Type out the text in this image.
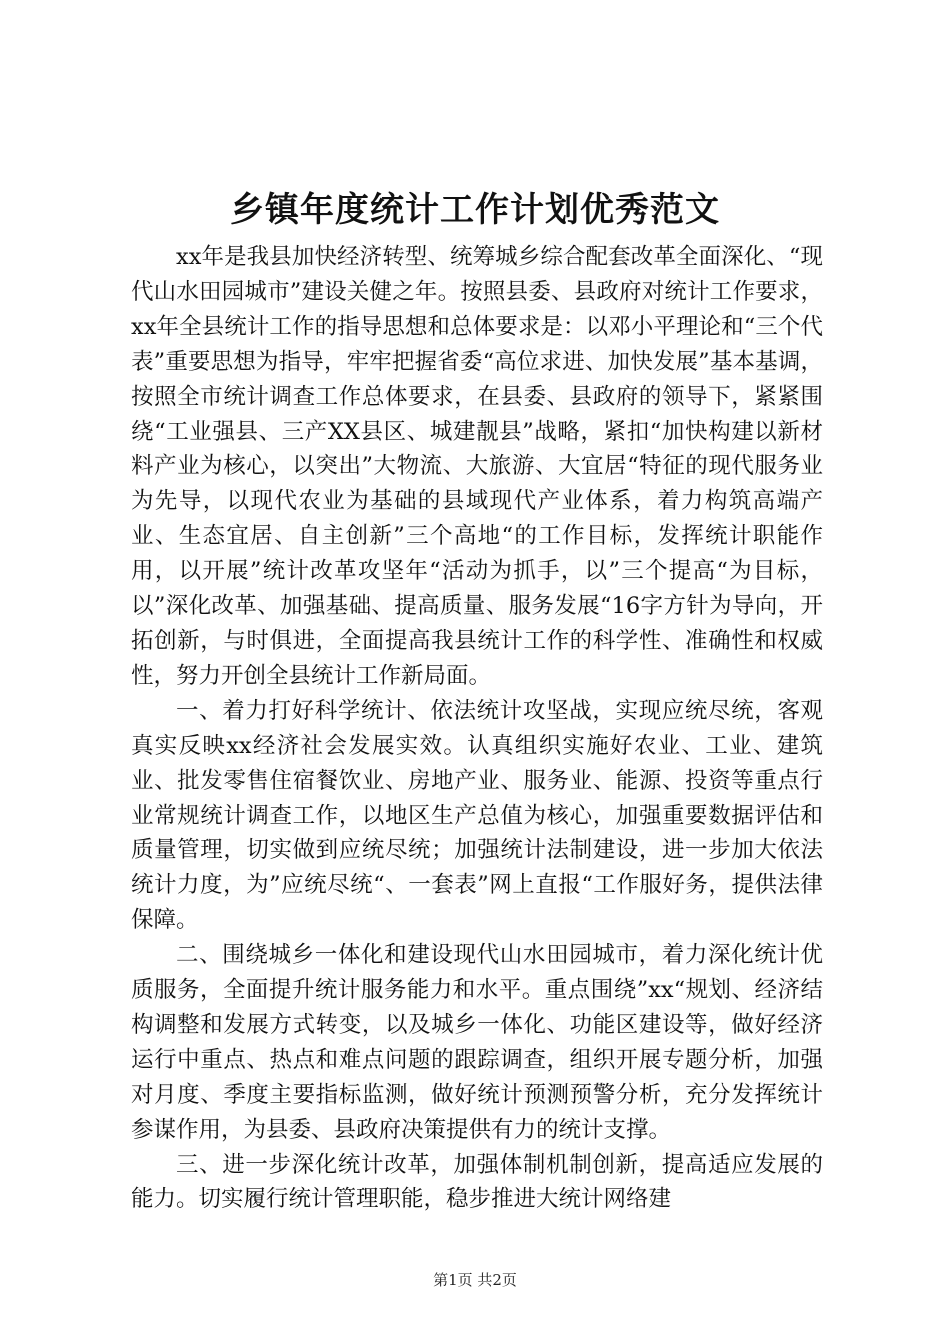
乡镇年度统计工作计划优秀范文

xx年是我县加快经济转型、统筹城乡综合配套改革全面深化、“现代山水田园城市”建设关健之年。按照县委、县政府对统计工作要求，xx年全县统计工作的指导思想和总体要求是：以邓小平理论和“三个代表”重要思想为指导，牢牢把握省委“高位求进、加快发展”基本基调，按照全市统计调查工作总体要求，在县委、县政府的领导下，紧紧围绕“工业强县、三产XX县区、城建靓县”战略，紧扣“加快构建以新材料产业为核心，以突出”大物流、大旅游、大宜居“特征的现代服务业为先导，以现代农业为基础的县域现代产业体系，着力构筑高端产业、生态宜居、自主创新”三个高地“的工作目标，发挥统计职能作用，以开展”统计改革攻坚年“活动为抓手，以”三个提高“为目标，以”深化改革、加强基础、提高质量、服务发展“16字方针为导向，开拓创新，与时俱进，全面提高我县统计工作的科学性、准确性和权威性，努力开创全县统计工作新局面。

一、着力打好科学统计、依法统计攻坚战，实现应统尽统，客观真实反映xx经济社会发展实效。认真组织实施好农业、工业、建筑业、批发零售住宿餐饮业、房地产业、服务业、能源、投资等重点行业常规统计调查工作，以地区生产总值为核心，加强重要数据评估和质量管理，切实做到应统尽统；加强统计法制建设，进一步加大依法统计力度，为”应统尽统“、一套表”网上直报“工作服好务，提供法律保障。

二、围绕城乡一体化和建设现代山水田园城市，着力深化统计优质服务，全面提升统计服务能力和水平。重点围绕”xx“规划、经济结构调整和发展方式转变，以及城乡一体化、功能区建设等，做好经济运行中重点、热点和难点问题的跟踪调查，组织开展专题分析，加强对月度、季度主要指标监测，做好统计预测预警分析，充分发挥统计参谋作用，为县委、县政府决策提供有力的统计支撑。

三、进一步深化统计改革，加强体制机制创新，提高适应发展的能力。切实履行统计管理职能，稳步推进大统计网络建

第1页 共2页
